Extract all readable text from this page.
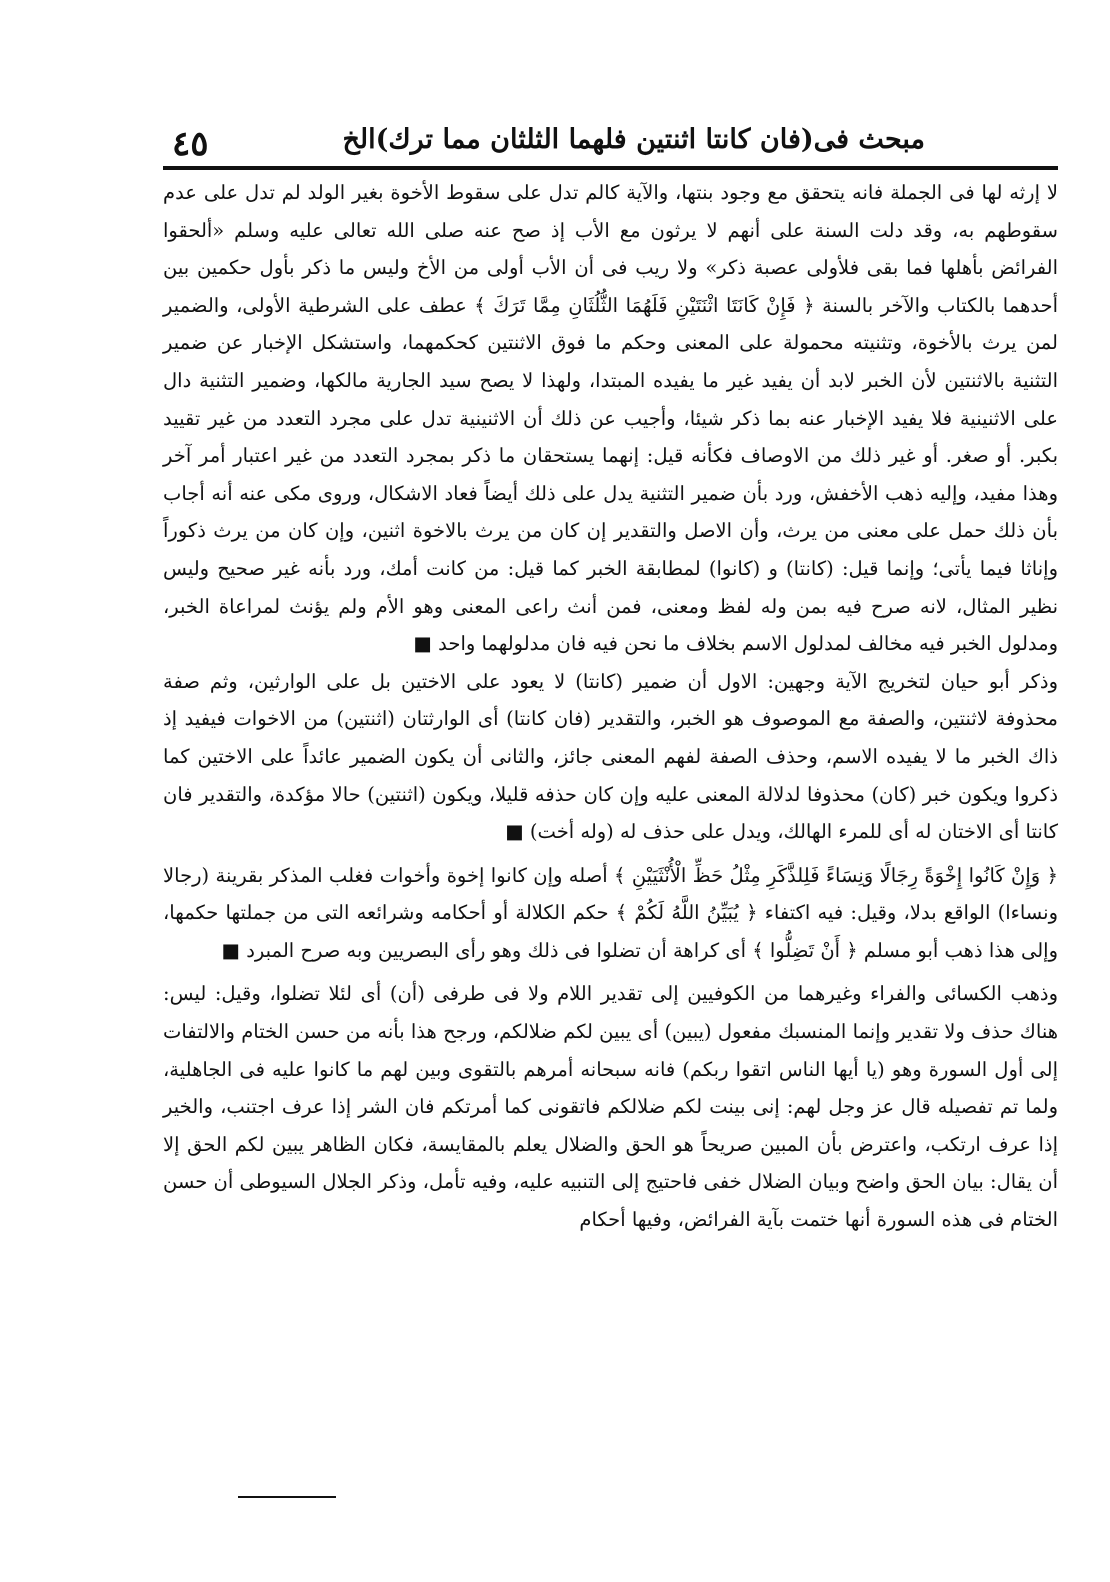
٤٥	مبحث فى(فان كانتا اثنتين فلهما الثلثان مما ترك)الخ

لا إرثه لها فى الجملة فانه يتحقق مع وجود بنتها، والآية كالم تدل على سقوط الأخوة بغير الولد لم تدل على عدم سقوطهم به، وقد دلت السنة على أنهم لا يرثون مع الأب إذ صح عنه صلى الله تعالى عليه وسلم «ألحقوا الفرائض بأهلها فما بقى فلأولى عصبة ذكر» ولا ريب فى أن الأب أولى من الأخ وليس ما ذكر بأول حكمين بين أحدهما بالكتاب والآخر بالسنة ﴿ فَإِنْ كَانَتَا اثْنَتَيْنِ فَلَهُمَا الثُّلُثَانِ مِمَّا تَرَكَ ﴾ عطف على الشرطية الأولى، والضمير لمن يرث بالأخوة، وتثنيته محمولة على المعنى وحكم ما فوق الاثنتين كحكمهما، واستشكل الإخبار عن ضمير التثنية بالاثنتين لأن الخبر لابد أن يفيد غير ما يفيده المبتدا، ولهذا لا يصح سيد الجارية مالكها، وضمير التثنية دال على الاثنينية فلا يفيد الإخبار عنه بما ذكر شيئا، وأجيب عن ذلك أن الاثنينية تدل على مجرد التعدد من غير تقييد بكبر. أو صغر. أو غير ذلك من الاوصاف فكأنه قيل: إنهما يستحقان ما ذكر بمجرد التعدد من غير اعتبار أمر آخر وهذا مفيد، وإليه ذهب الأخفش، ورد بأن ضمير التثنية يدل على ذلك أيضاً فعاد الاشكال، وروى مكى عنه أنه أجاب بأن ذلك حمل على معنى من يرث، وأن الاصل والتقدير إن كان من يرث بالاخوة اثنين، وإن كان من يرث ذكوراً وإناثا فيما يأتى؛ وإنما قيل: (كانتا) و (كانوا) لمطابقة الخبر كما قيل: من كانت أمك، ورد بأنه غير صحيح وليس نظير المثال، لانه صرح فيه بمن وله لفظ ومعنى، فمن أنث راعى المعنى وهو الأم ولم يؤنث لمراعاة الخبر، ومدلول الخبر فيه مخالف لمدلول الاسم بخلاف ما نحن فيه فان مدلولهما واحد ■

وذكر أبو حيان لتخريج الآية وجهين: الاول أن ضمير (كانتا) لا يعود على الاختين بل على الوارثين، وثم صفة محذوفة لاثنتين، والصفة مع الموصوف هو الخبر، والتقدير (فان كانتا) أى الوارثتان (اثنتين) من الاخوات فيفيد إذ ذاك الخبر ما لا يفيده الاسم، وحذف الصفة لفهم المعنى جائز، والثانى أن يكون الضمير عائداً على الاختين كما ذكروا ويكون خبر (كان) محذوفا لدلالة المعنى عليه وإن كان حذفه قليلا، ويكون (اثنتين) حالا مؤكدة، والتقدير فان كانتا أى الاختان له أى للمرء الهالك، ويدل على حذف له (وله أخت) ■

﴿ وَإِنْ كَانُوا إِخْوَةً رِجَالًا وَنِسَاءً فَلِلذَّكَرِ مِثْلُ حَظِّ الْأُنْثَيَيْنِ ﴾ أصله وإن كانوا إخوة وأخوات فغلب المذكر بقرينة (رجالا ونساءا) الواقع بدلا، وقيل: فيه اكتفاء ﴿ يُبَيِّنُ اللَّهُ لَكُمْ ﴾ حكم الكلالة أو أحكامه وشرائعه التى من جملتها حكمها، وإلى هذا ذهب أبو مسلم ﴿ أَنْ تَضِلُّوا ﴾ أى كراهة أن تضلوا فى ذلك وهو رأى البصريين وبه صرح المبرد ■

وذهب الكسائى والفراء وغيرهما من الكوفيين إلى تقدير اللام ولا فى طرفى (أن) أى لئلا تضلوا، وقيل: ليس: هناك حذف ولا تقدير وإنما المنسبك مفعول (يبين) أى يبين لكم ضلالكم، ورجح هذا بأنه من حسن الختام والالتفات إلى أول السورة وهو (يا أيها الناس اتقوا ربكم) فانه سبحانه أمرهم بالتقوى وبين لهم ما كانوا عليه فى الجاهلية، ولما تم تفصيله قال عز وجل لهم: إنى بينت لكم ضلالكم فاتقونى كما أمرتكم فان الشر إذا عرف اجتنب، والخير إذا عرف ارتكب، واعترض بأن المبين صريحاً هو الحق والضلال يعلم بالمقايسة، فكان الظاهر يبين لكم الحق إلا أن يقال: بيان الحق واضح وبيان الضلال خفى فاحتيج إلى التنبيه عليه، وفيه تأمل، وذكر الجلال السيوطى أن حسن الختام فى هذه السورة أنها ختمت بآية الفرائض، وفيها أحكام
